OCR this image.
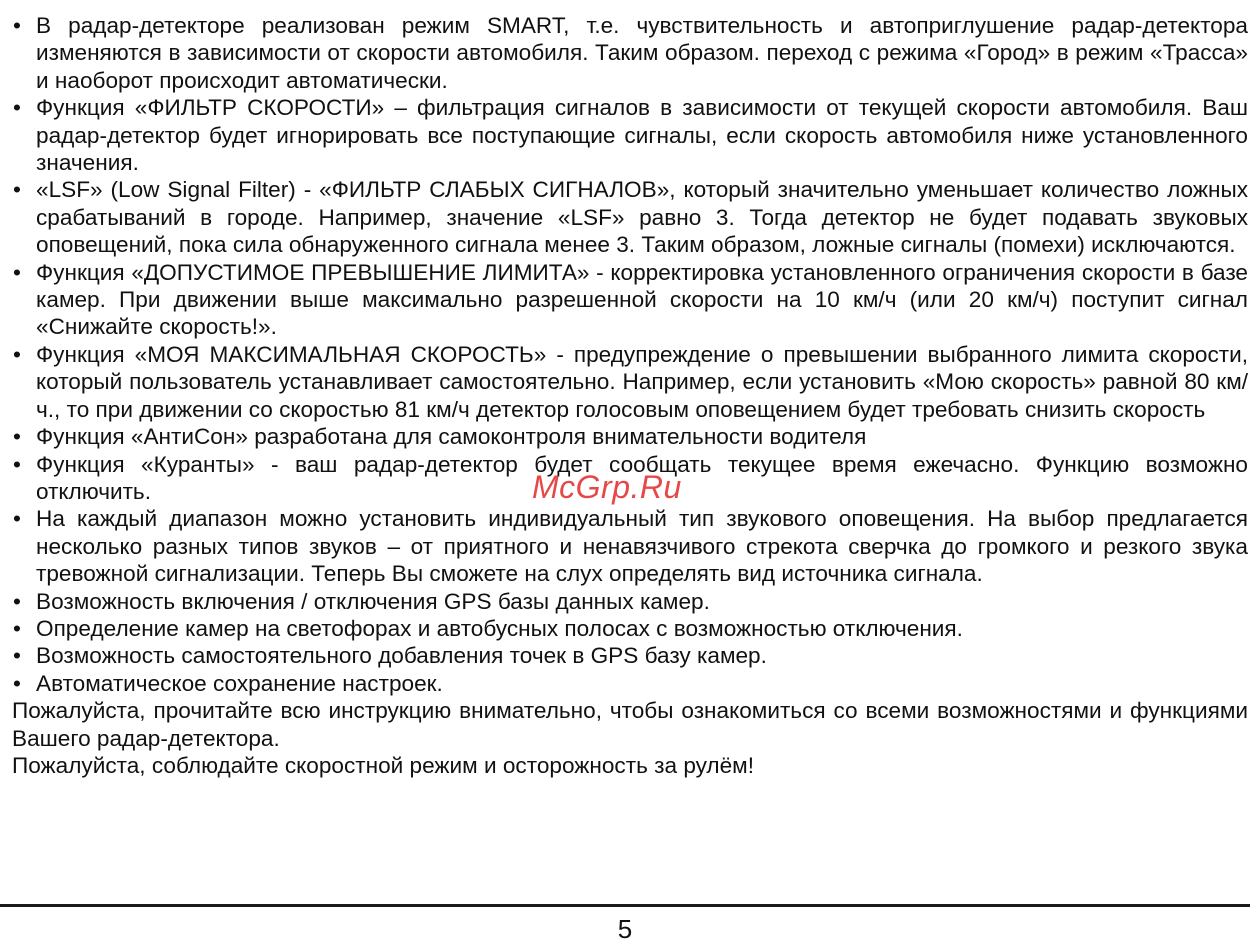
• В радар-детекторе реализован режим SMART, т.е. чувствительность и автоприглушение радар-детектора изменяются в зависимости от скорости автомобиля. Таким образом. переход с режима «Город» в режим «Трасса» и наоборот происходит автоматически.
• Функция «ФИЛЬТР СКОРОСТИ» – фильтрация сигналов в зависимости от текущей скорости автомобиля. Ваш радар-детектор будет игнорировать все поступающие сигналы, если скорость автомобиля ниже установленного значения.
• «LSF» (Low Signal Filter) - «ФИЛЬТР СЛАБЫХ СИГНАЛОВ», который значительно уменьшает количество ложных срабатываний в городе. Например, значение «LSF» равно 3. Тогда детектор не будет подавать звуковых оповещений, пока сила обнаруженного сигнала менее 3. Таким образом, ложные сигналы (помехи) исключаются.
• Функция «ДОПУСТИМОЕ ПРЕВЫШЕНИЕ ЛИМИТА» - корректировка установленного ограничения скорости в базе камер. При движении выше максимально разрешенной скорости на 10 км/ч (или 20 км/ч) поступит сигнал «Снижайте скорость!».
• Функция «МОЯ МАКСИМАЛЬНАЯ СКОРОСТЬ» - предупреждение о превышении выбранного лимита скорости, который пользователь устанавливает самостоятельно. Например, если установить «Мою скорость» равной 80 км/ч., то при движении со скоростью 81 км/ч детектор голосовым оповещением будет требовать снизить скорость
• Функция «АнтиСон» разработана для самоконтроля внимательности водителя
• Функция «Куранты» - ваш радар-детектор будет сообщать текущее время ежечасно. Функцию возможно отключить.
• На каждый диапазон можно установить индивидуальный тип звукового оповещения. На выбор предлагается несколько разных типов звуков – от приятного и ненавязчивого стрекота сверчка до громкого и резкого звука тревожной сигнализации. Теперь Вы сможете на слух определять вид источника сигнала.
• Возможность включения / отключения GPS базы данных камер.
• Определение камер на светофорах и автобусных полосах с возможностью отключения.
• Возможность самостоятельного добавления точек в GPS базу камер.
• Автоматическое сохранение настроек.

Пожалуйста, прочитайте всю инструкцию внимательно, чтобы ознакомиться со всеми возможностями и функциями Вашего радар-детектора.

Пожалуйста, соблюдайте скоростной режим и осторожность за рулём!

McGrp.Ru
5
